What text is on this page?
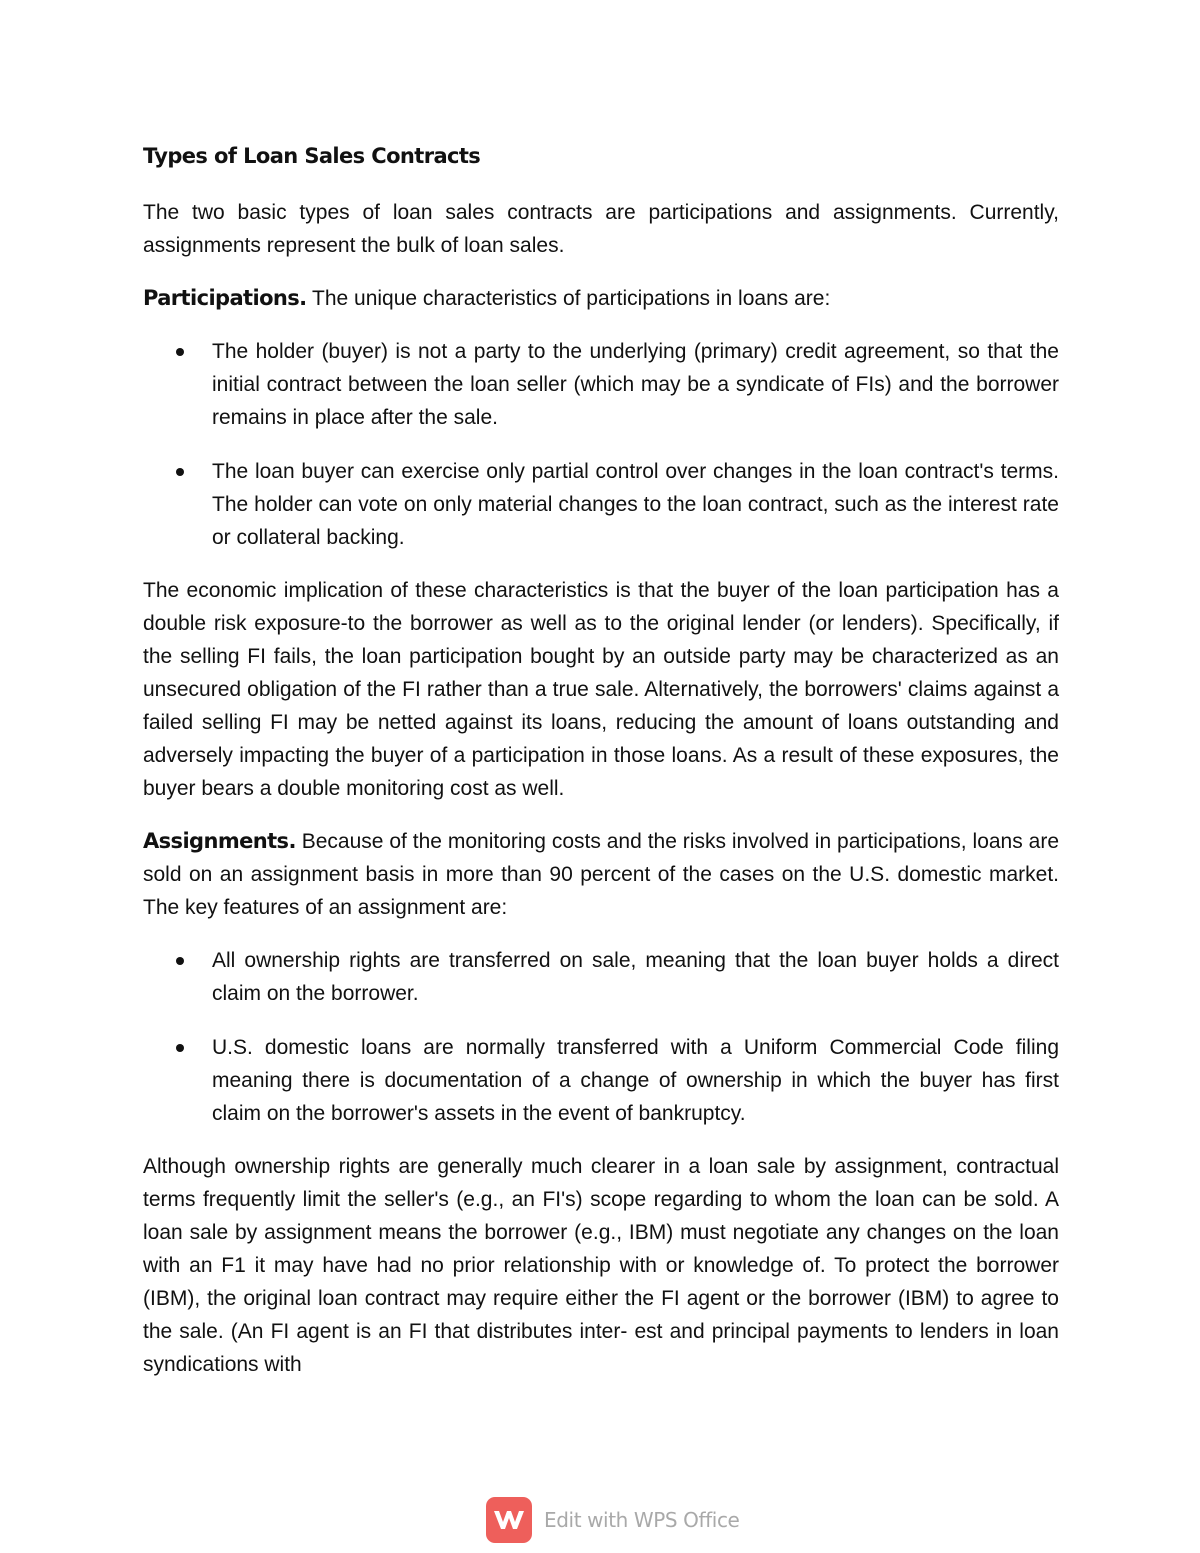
Types of Loan Sales Contracts

The two basic types of loan sales contracts are participations and assignments. Currently, assignments represent the bulk of loan sales.

Participations. The unique characteristics of participations in loans are:

The holder (buyer) is not a party to the underlying (primary) credit agreement, so that the initial contract between the loan seller (which may be a syndicate of FIs) and the borrower remains in place after the sale.
The loan buyer can exercise only partial control over changes in the loan contract's terms. The holder can vote on only material changes to the loan contract, such as the interest rate or collateral backing.

The economic implication of these characteristics is that the buyer of the loan participation has a double risk exposure-to the borrower as well as to the original lender (or lenders). Specifically, if the selling FI fails, the loan participation bought by an outside party may be characterized as an unsecured obligation of the FI rather than a true sale. Alternatively, the borrowers' claims against a failed selling FI may be netted against its loans, reducing the amount of loans outstanding and adversely impacting the buyer of a participation in those loans. As a result of these exposures, the buyer bears a double monitoring cost as well.

Assignments. Because of the monitoring costs and the risks involved in participations, loans are sold on an assignment basis in more than 90 percent of the cases on the U.S. domestic market. The key features of an assignment are:

All ownership rights are transferred on sale, meaning that the loan buyer holds a direct claim on the borrower.
U.S. domestic loans are normally transferred with a Uniform Commercial Code filing meaning there is documentation of a change of ownership in which the buyer has first claim on the borrower's assets in the event of bankruptcy.

Although ownership rights are generally much clearer in a loan sale by assignment, contractual terms frequently limit the seller's (e.g., an FI's) scope regarding to whom the loan can be sold. A loan sale by assignment means the borrower (e.g., IBM) must negotiate any changes on the loan with an F1 it may have had no prior relationship with or knowledge of. To protect the borrower (IBM), the original loan contract may require either the FI agent or the borrower (IBM) to agree to the sale. (An FI agent is an FI that distributes inter- est and principal payments to lenders in loan syndications with

Edit with WPS Office
